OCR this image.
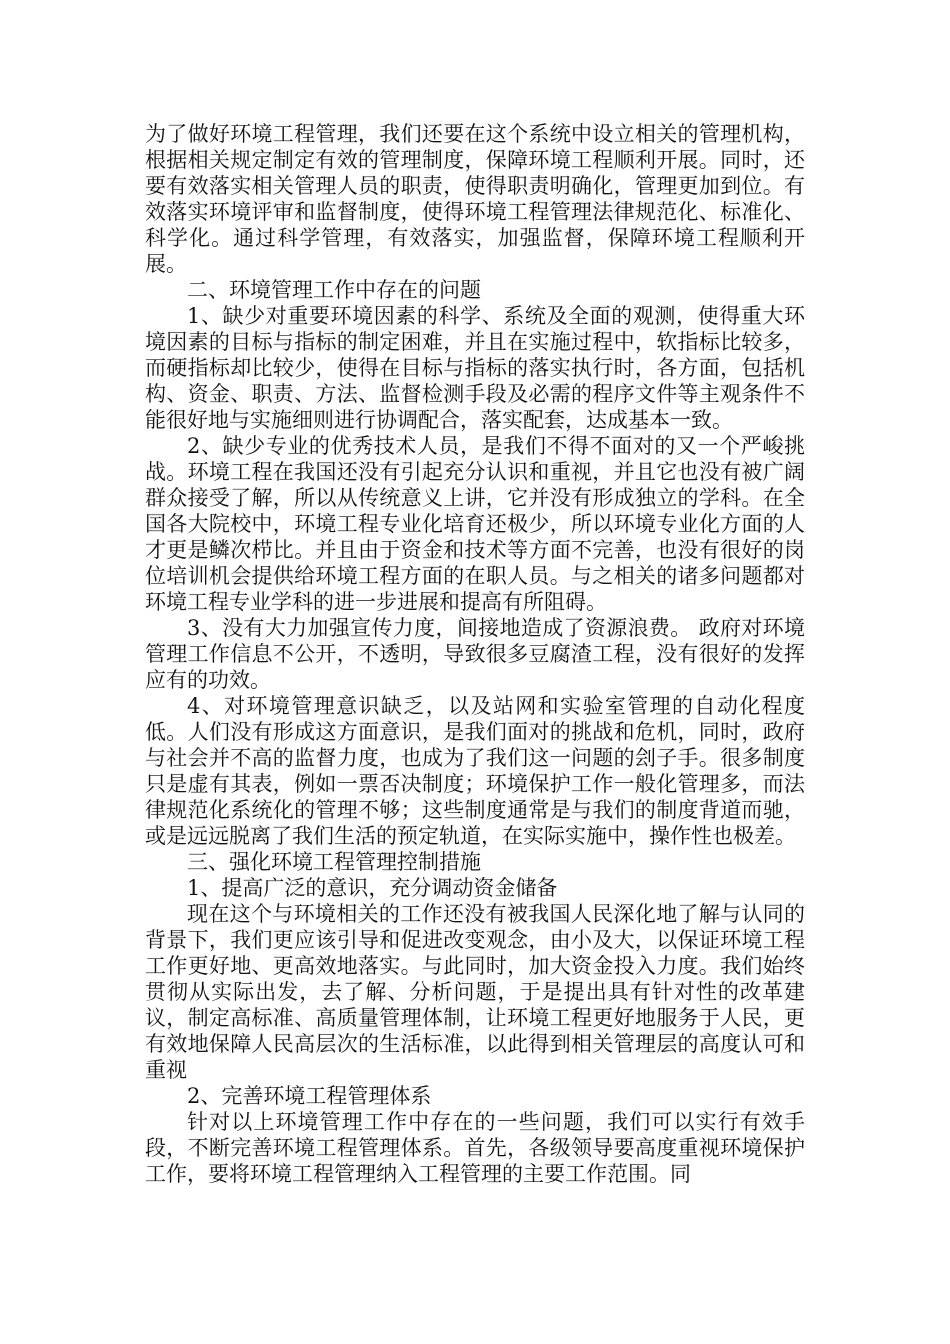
为了做好环境工程管理，我们还要在这个系统中设立相关的管理机构，根据相关规定制定有效的管理制度，保障环境工程顺利开展。同时，还要有效落实相关管理人员的职责，使得职责明确化，管理更加到位。有效落实环境评审和监督制度，使得环境工程管理法律规范化、标准化、科学化。通过科学管理，有效落实，加强监督，保障环境工程顺利开展。

二、环境管理工作中存在的问题

1、缺少对重要环境因素的科学、系统及全面的观测，使得重大环境因素的目标与指标的制定困难，并且在实施过程中，软指标比较多，而硬指标却比较少，使得在目标与指标的落实执行时，各方面，包括机构、资金、职责、方法、监督检测手段及必需的程序文件等主观条件不能很好地与实施细则进行协调配合，落实配套，达成基本一致。

2、缺少专业的优秀技术人员，是我们不得不面对的又一个严峻挑战。环境工程在我国还没有引起充分认识和重视，并且它也没有被广阔群众接受了解，所以从传统意义上讲，它并没有形成独立的学科。在全国各大院校中，环境工程专业化培育还极少，所以环境专业化方面的人才更是鳞次栉比。并且由于资金和技术等方面不完善，也没有很好的岗位培训机会提供给环境工程方面的在职人员。与之相关的诸多问题都对环境工程专业学科的进一步进展和提高有所阻碍。

3、没有大力加强宣传力度，间接地造成了资源浪费。 政府对环境管理工作信息不公开，不透明，导致很多豆腐渣工程，没有很好的发挥应有的功效。

4、对环境管理意识缺乏，以及站网和实验室管理的自动化程度低。人们没有形成这方面意识，是我们面对的挑战和危机，同时，政府与社会并不高的监督力度，也成为了我们这一问题的刽子手。很多制度只是虚有其表，例如一票否决制度；环境保护工作一般化管理多，而法律规范化系统化的管理不够；这些制度通常是与我们的制度背道而驰，或是远远脱离了我们生活的预定轨道，在实际实施中，操作性也极差。

三、强化环境工程管理控制措施

1、提高广泛的意识，充分调动资金储备

现在这个与环境相关的工作还没有被我国人民深化地了解与认同的背景下，我们更应该引导和促进改变观念，由小及大，以保证环境工程工作更好地、更高效地落实。与此同时，加大资金投入力度。我们始终贯彻从实际出发，去了解、分析问题，于是提出具有针对性的改革建议，制定高标准、高质量管理体制，让环境工程更好地服务于人民，更有效地保障人民高层次的生活标准，以此得到相关管理层的高度认可和重视

2、完善环境工程管理体系

针对以上环境管理工作中存在的一些问题，我们可以实行有效手段，不断完善环境工程管理体系。首先，各级领导要高度重视环境保护工作，要将环境工程管理纳入工程管理的主要工作范围。同
